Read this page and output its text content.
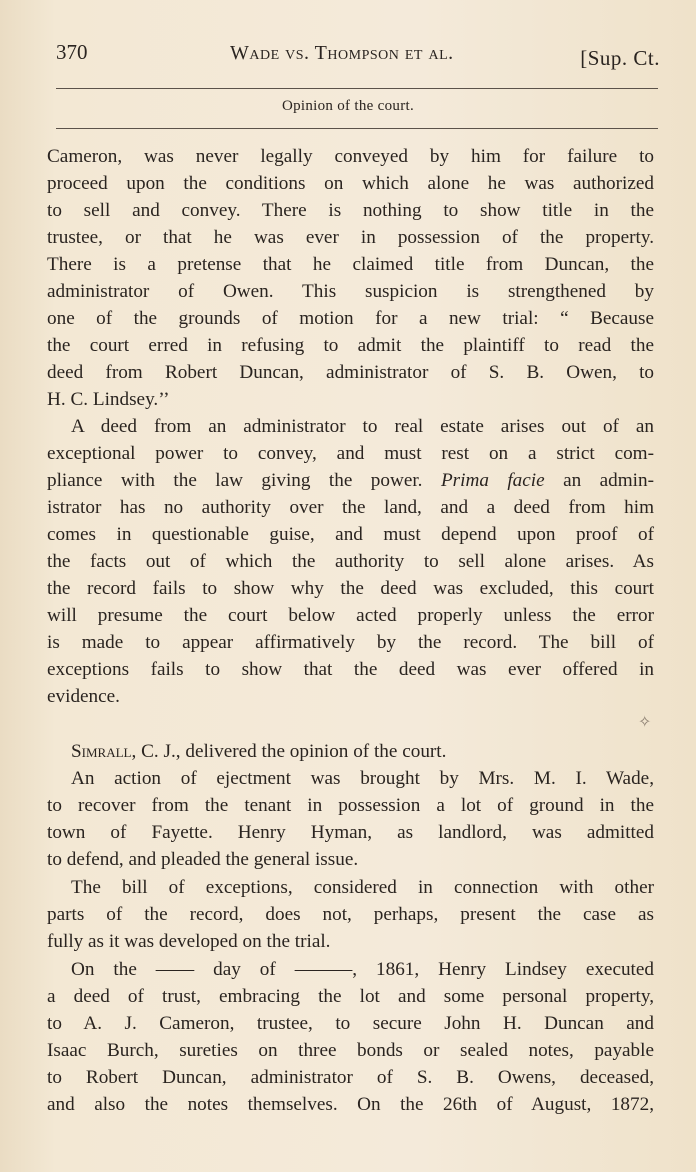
370	Wade vs. Thompson et al.	[Sup. Ct.
Opinion of the court.
Cameron, was never legally conveyed by him for failure to
proceed upon the conditions on which alone he was authorized
to sell and convey. There is nothing to show title in the
trustee, or that he was ever in possession of the property.
There is a pretense that he claimed title from Duncan, the
administrator of Owen. This suspicion is strengthened by
one of the grounds of motion for a new trial: “ Because
the court erred in refusing to admit the plaintiff to read the
deed from Robert Duncan, administrator of S. B. Owen, to
H. C. Lindsey.’’
A deed from an administrator to real estate arises out of an
exceptional power to convey, and must rest on a strict com-
pliance with the law giving the power. Prima facie an admin-
istrator has no authority over the land, and a deed from him
comes in questionable guise, and must depend upon proof of
the facts out of which the authority to sell alone arises. As
the record fails to show why the deed was excluded, this court
will presume the court below acted properly unless the error
is made to appear affirmatively by the record. The bill of
exceptions fails to show that the deed was ever offered in
evidence.
✧
Simrall, C. J., delivered the opinion of the court.
An action of ejectment was brought by Mrs. M. I. Wade,
to recover from the tenant in possession a lot of ground in the
town of Fayette. Henry Hyman, as landlord, was admitted
to defend, and pleaded the general issue.
The bill of exceptions, considered in connection with other
parts of the record, does not, perhaps, present the case as
fully as it was developed on the trial.
On the —— day of ———, 1861, Henry Lindsey executed
a deed of trust, embracing the lot and some personal property,
to A. J. Cameron, trustee, to secure John H. Duncan and
Isaac Burch, sureties on three bonds or sealed notes, payable
to Robert Duncan, administrator of S. B. Owens, deceased,
and also the notes themselves. On the 26th of August, 1872,
